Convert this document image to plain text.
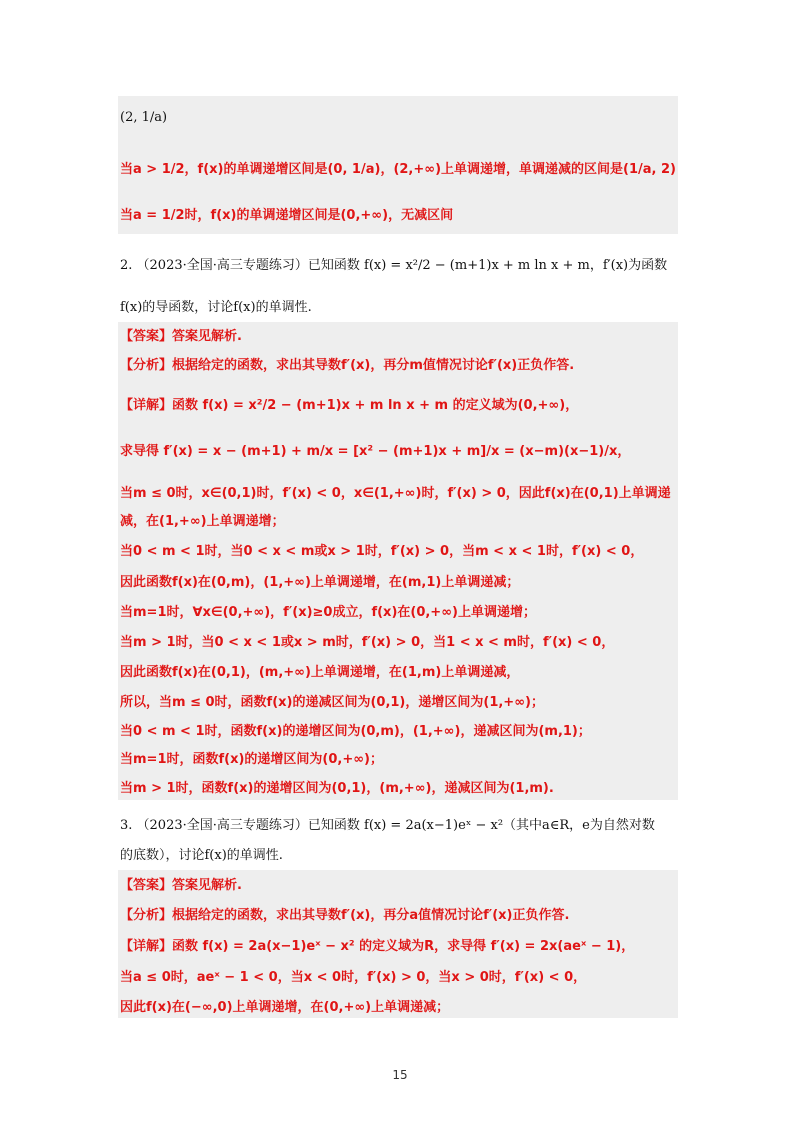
(2, 1/a)
当a > 1/2，f(x)的单调递增区间是(0, 1/a)，(2,+∞)上单调递增，单调递减的区间是(1/a, 2)
当a = 1/2时，f(x)的单调递增区间是(0,+∞)，无减区间
2. （2023·全国·高三专题练习）已知函数 f(x) = x²/2 − (m+1)x + m ln x + m，f′(x)为函数
f(x)的导函数，讨论f(x)的单调性.
【答案】答案见解析.
【分析】根据给定的函数，求出其导数f′(x)，再分m值情况讨论f′(x)正负作答.
【详解】函数 f(x) = x²/2 − (m+1)x + m ln x + m 的定义域为(0,+∞)，
求导得 f′(x) = x − (m+1) + m/x = [x² − (m+1)x + m]/x = (x−m)(x−1)/x，
当m ≤ 0时，x∈(0,1)时，f′(x) < 0，x∈(1,+∞)时，f′(x) > 0，因此f(x)在(0,1)上单调递
减，在(1,+∞)上单调递增；
当0 < m < 1时，当0 < x < m或x > 1时，f′(x) > 0，当m < x < 1时，f′(x) < 0，
因此函数f(x)在(0,m)，(1,+∞)上单调递增，在(m,1)上单调递减；
当m=1时，∀x∈(0,+∞)，f′(x)≥0成立，f(x)在(0,+∞)上单调递增；
当m > 1时，当0 < x < 1或x > m时，f′(x) > 0，当1 < x < m时，f′(x) < 0，
因此函数f(x)在(0,1)，(m,+∞)上单调递增，在(1,m)上单调递减，
所以，当m ≤ 0时，函数f(x)的递减区间为(0,1)，递增区间为(1,+∞)；
当0 < m < 1时，函数f(x)的递增区间为(0,m)，(1,+∞)，递减区间为(m,1)；
当m=1时，函数f(x)的递增区间为(0,+∞)；
当m > 1时，函数f(x)的递增区间为(0,1)，(m,+∞)，递减区间为(1,m).
3. （2023·全国·高三专题练习）已知函数 f(x) = 2a(x−1)eˣ − x²（其中a∈R，e为自然对数
的底数），讨论f(x)的单调性.
【答案】答案见解析.
【分析】根据给定的函数，求出其导数f′(x)，再分a值情况讨论f′(x)正负作答.
【详解】函数 f(x) = 2a(x−1)eˣ − x² 的定义域为R，求导得 f′(x) = 2x(aeˣ − 1)，
当a ≤ 0时，aeˣ − 1 < 0，当x < 0时，f′(x) > 0，当x > 0时，f′(x) < 0，
因此f(x)在(−∞,0)上单调递增，在(0,+∞)上单调递减；
15
